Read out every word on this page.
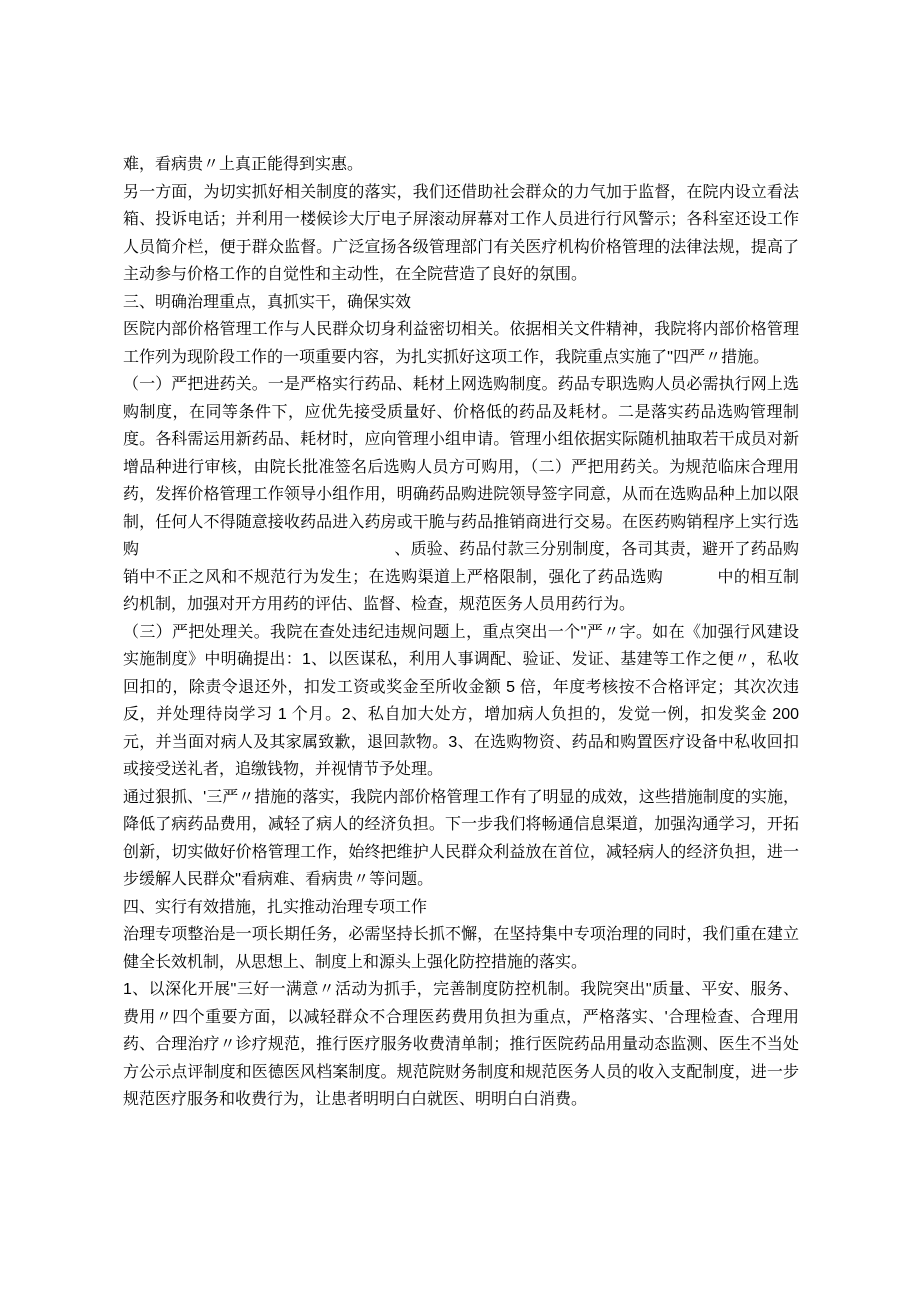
难，看病贵〃上真正能得到实惠。

另一方面，为切实抓好相关制度的落实，我们还借助社会群众的力气加于监督，在院内设立看法箱、投诉电话；并利用一楼候诊大厅电子屏滚动屏幕对工作人员进行行风警示；各科室还设工作人员简介栏，便于群众监督。广泛宣扬各级管理部门有关医疗机构价格管理的法律法规，提高了主动参与价格工作的自觉性和主动性，在全院营造了良好的氛围。

三、明确治理重点，真抓实干，确保实效

医院内部价格管理工作与人民群众切身利益密切相关。依据相关文件精神，我院将内部价格管理工作列为现阶段工作的一项重要内容，为扎实抓好这项工作，我院重点实施了''四严〃措施。

（一）严把进药关。一是严格实行药品、耗材上网选购制度。药品专职选购人员必需执行网上选购制度，在同等条件下，应优先接受质量好、价格低的药品及耗材。二是落实药品选购管理制度。各科需运用新药品、耗材时，应向管理小组申请。管理小组依据实际随机抽取若干成员对新增品种进行审核，由院长批准签名后选购人员方可购用，（二）严把用药关。为规范临床合理用药，发挥价格管理工作领导小组作用，明确药品购进院领导签字同意，从而在选购品种上加以限制，任何人不得随意接收药品进入药房或干脆与药品推销商进行交易。在医药购销程序上实行选购	、质验、药品付款三分别制度，各司其责，避开了药品购销中不正之风和不规范行为发生；在选购渠道上严格限制，强化了药品选购	中的相互制约机制，加强对开方用药的评估、监督、检查，规范医务人员用药行为。

（三）严把处理关。我院在查处违纪违规问题上，重点突出一个''严〃字。如在《加强行风建设实施制度》中明确提出：1、以医谋私，利用人事调配、验证、发证、基建等工作之便〃，私收回扣的，除责令退还外，扣发工资或奖金至所收金额 5 倍，年度考核按不合格评定；其次次违反，并处理待岗学习 1 个月。2、私自加大处方，增加病人负担的，发觉一例，扣发奖金 200 元，并当面对病人及其家属致歉，退回款物。3、在选购物资、药品和购置医疗设备中私收回扣或接受送礼者，追缴钱物，并视情节予处理。

通过狠抓、'三严〃措施的落实，我院内部价格管理工作有了明显的成效，这些措施制度的实施，降低了病药品费用，减轻了病人的经济负担。下一步我们将畅通信息渠道，加强沟通学习，开拓创新，切实做好价格管理工作，始终把维护人民群众利益放在首位，减轻病人的经济负担，进一步缓解人民群众''看病难、看病贵〃等问题。

四、实行有效措施，扎实推动治理专项工作

治理专项整治是一项长期任务，必需坚持长抓不懈，在坚持集中专项治理的同时，我们重在建立健全长效机制，从思想上、制度上和源头上强化防控措施的落实。

1、以深化开展''三好一满意〃活动为抓手，完善制度防控机制。我院突出''质量、平安、服务、费用〃四个重要方面，以减轻群众不合理医药费用负担为重点，严格落实、'合理检查、合理用药、合理治疗〃诊疗规范，推行医疗服务收费清单制；推行医院药品用量动态监测、医生不当处方公示点评制度和医德医风档案制度。规范院财务制度和规范医务人员的收入支配制度，进一步规范医疗服务和收费行为，让患者明明白白就医、明明白白消费。
